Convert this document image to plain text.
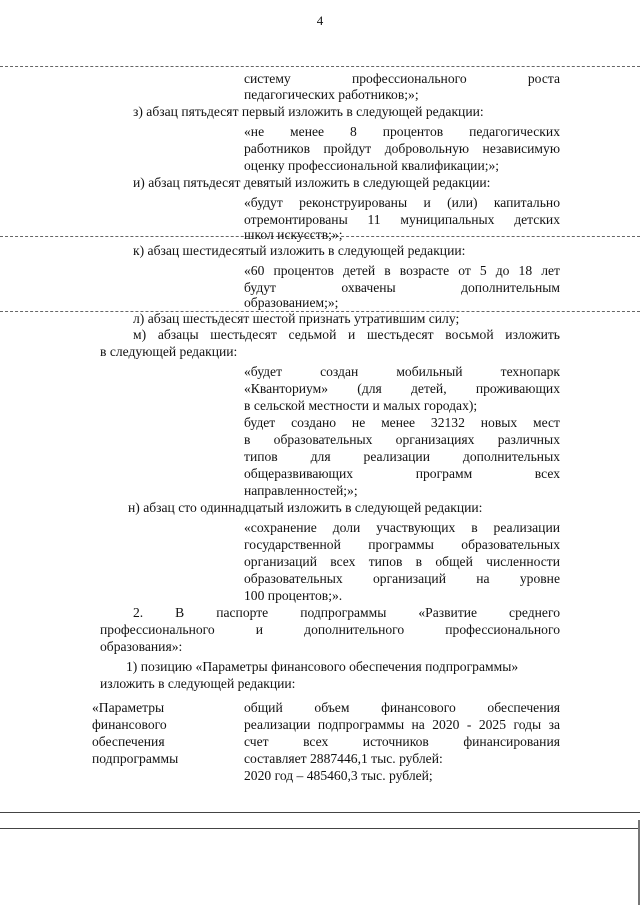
4
систему профессионального роста
педагогических работников;»;
з) абзац пятьдесят первый изложить в следующей редакции:
«не менее 8 процентов педагогических
работников пройдут добровольную независимую
оценку профессиональной квалификации;»;
и) абзац пятьдесят девятый изложить в следующей редакции:
«будут реконструированы и (или) капитально
отремонтированы 11 муниципальных детских
школ искусств;»;
к) абзац шестидесятый изложить в следующей редакции:
«60 процентов детей в возрасте от 5 до 18 лет
будут охвачены дополнительным
образованием;»;
л) абзац шестьдесят шестой признать утратившим силу;
м) абзацы шестьдесят седьмой и шестьдесят восьмой изложить
в следующей редакции:
«будет создан мобильный технопарк
«Кванториум» (для детей, проживающих
в сельской местности и малых городах);
будет создано не менее 32132 новых мест
в образовательных организациях различных
типов для реализации дополнительных
общеразвивающих программ всех
направленностей;»;
н) абзац сто одиннадцатый изложить в следующей редакции:
«сохранение доли участвующих в реализации
государственной программы образовательных
организаций всех типов в общей численности
образовательных организаций на уровне
100 процентов;».
2. В паспорте подпрограммы «Развитие среднего
профессионального и дополнительного профессионального
образования»:
1) позицию «Параметры финансового обеспечения подпрограммы»
изложить в следующей редакции:
«Параметры
финансового
обеспечения
подпрограммы
общий объем финансового обеспечения
реализации подпрограммы на 2020 - 2025 годы за
счет всех источников финансирования
составляет 2887446,1 тыс. рублей:
2020 год – 485460,3 тыс. рублей;
